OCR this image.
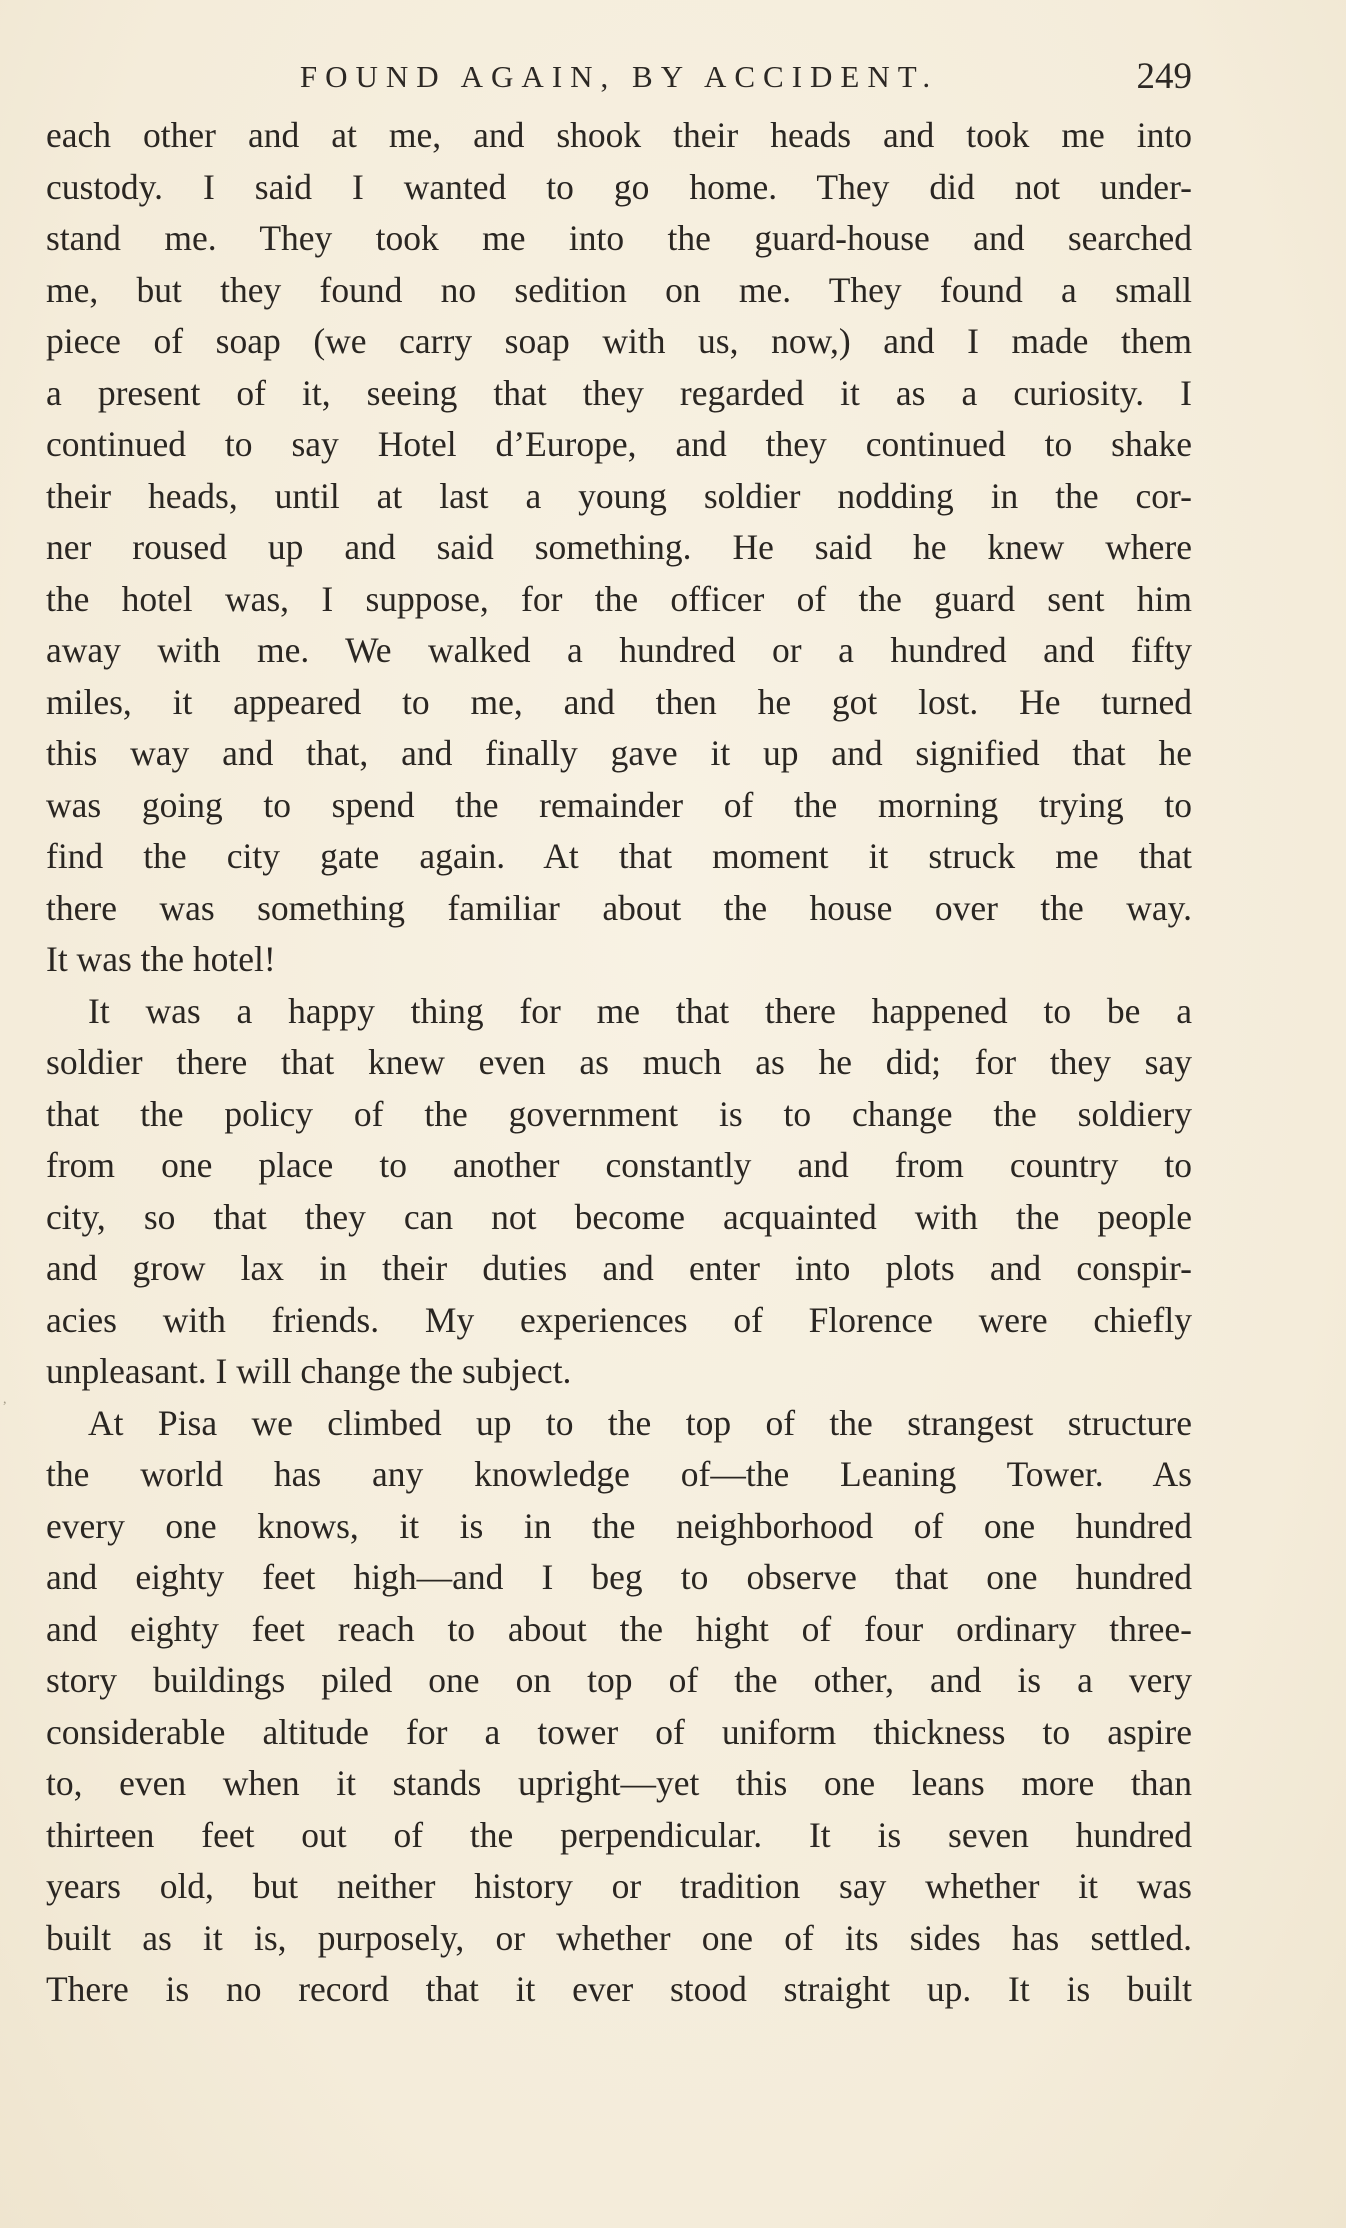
FOUND AGAIN, BY ACCIDENT.	249
each other and at me, and shook their heads and took me into
custody. I said I wanted to go home. They did not under-
stand me. They took me into the guard-house and searched
me, but they found no sedition on me. They found a small
piece of soap (we carry soap with us, now,) and I made them
a present of it, seeing that they regarded it as a curiosity. I
continued to say Hotel d’Europe, and they continued to shake
their heads, until at last a young soldier nodding in the cor-
ner roused up and said something. He said he knew where
the hotel was, I suppose, for the officer of the guard sent him
away with me. We walked a hundred or a hundred and fifty
miles, it appeared to me, and then he got lost. He turned
this way and that, and finally gave it up and signified that he
was going to spend the remainder of the morning trying to
find the city gate again. At that moment it struck me that
there was something familiar about the house over the way.
It was the hotel!
It was a happy thing for me that there happened to be a
soldier there that knew even as much as he did; for they say
that the policy of the government is to change the soldiery
from one place to another constantly and from country to
city, so that they can not become acquainted with the people
and grow lax in their duties and enter into plots and conspir-
acies with friends. My experiences of Florence were chiefly
unpleasant. I will change the subject.
At Pisa we climbed up to the top of the strangest structure
the world has any knowledge of—the Leaning Tower. As
every one knows, it is in the neighborhood of one hundred
and eighty feet high—and I beg to observe that one hundred
and eighty feet reach to about the hight of four ordinary three-
story buildings piled one on top of the other, and is a very
considerable altitude for a tower of uniform thickness to aspire
to, even when it stands upright—yet this one leans more than
thirteen feet out of the perpendicular. It is seven hundred
years old, but neither history or tradition say whether it was
built as it is, purposely, or whether one of its sides has settled.
There is no record that it ever stood straight up. It is built
,
